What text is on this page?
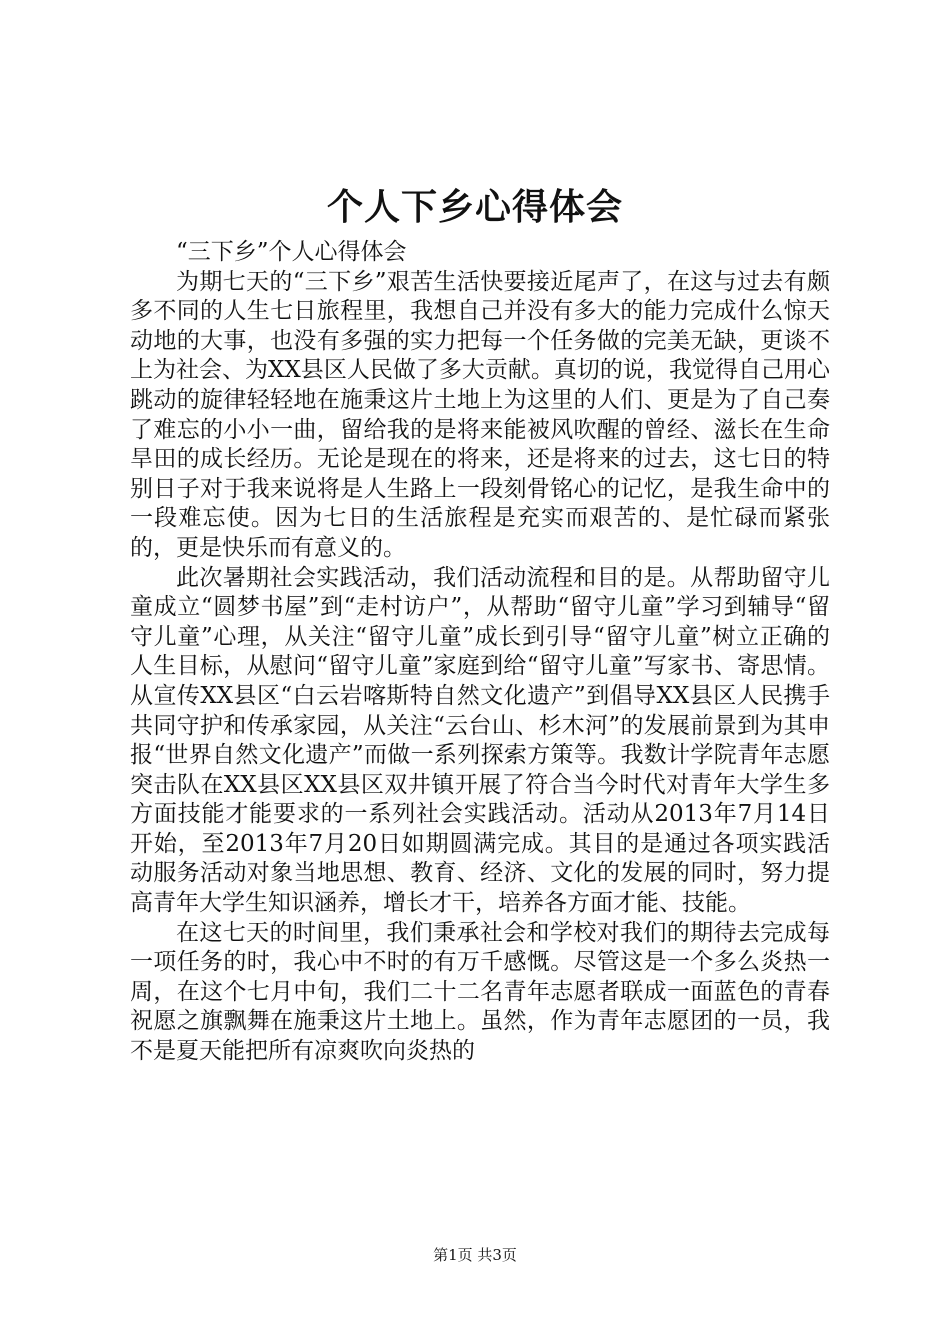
个人下乡心得体会

“三下乡”个人心得体会

为期七天的“三下乡”艰苦生活快要接近尾声了，在这与过去有颇多不同的人生七日旅程里，我想自己并没有多大的能力完成什么惊天动地的大事，也没有多强的实力把每一个任务做的完美无缺，更谈不上为社会、为XX县区人民做了多大贡献。真切的说，我觉得自己用心跳动的旋律轻轻地在施秉这片土地上为这里的人们、更是为了自己奏了难忘的小小一曲，留给我的是将来能被风吹醒的曾经、滋长在生命旱田的成长经历。无论是现在的将来，还是将来的过去，这七日的特别日子对于我来说将是人生路上一段刻骨铭心的记忆，是我生命中的一段难忘使。因为七日的生活旅程是充实而艰苦的、是忙碌而紧张的，更是快乐而有意义的。

此次暑期社会实践活动，我们活动流程和目的是。从帮助留守儿童成立“圆梦书屋”到“走村访户”，从帮助“留守儿童”学习到辅导“留守儿童”心理，从关注“留守儿童”成长到引导“留守儿童”树立正确的人生目标，从慰问“留守儿童”家庭到给“留守儿童”写家书、寄思情。从宣传XX县区“白云岩喀斯特自然文化遗产”到倡导XX县区人民携手共同守护和传承家园，从关注“云台山、杉木河”的发展前景到为其申报“世界自然文化遗产”而做一系列探索方策等。我数计学院青年志愿突击队在XX县区XX县区双井镇开展了符合当今时代对青年大学生多方面技能才能要求的一系列社会实践活动。活动从2013年7月14日开始，至2013年7月20日如期圆满完成。其目的是通过各项实践活动服务活动对象当地思想、教育、经济、文化的发展的同时，努力提高青年大学生知识涵养，增长才干，培养各方面才能、技能。

在这七天的时间里，我们秉承社会和学校对我们的期待去完成每一项任务的时，我心中不时的有万千感慨。尽管这是一个多么炎热一周，在这个七月中旬，我们二十二名青年志愿者联成一面蓝色的青春祝愿之旗飘舞在施秉这片土地上。虽然，作为青年志愿团的一员，我不是夏天能把所有凉爽吹向炎热的

第1页 共3页
